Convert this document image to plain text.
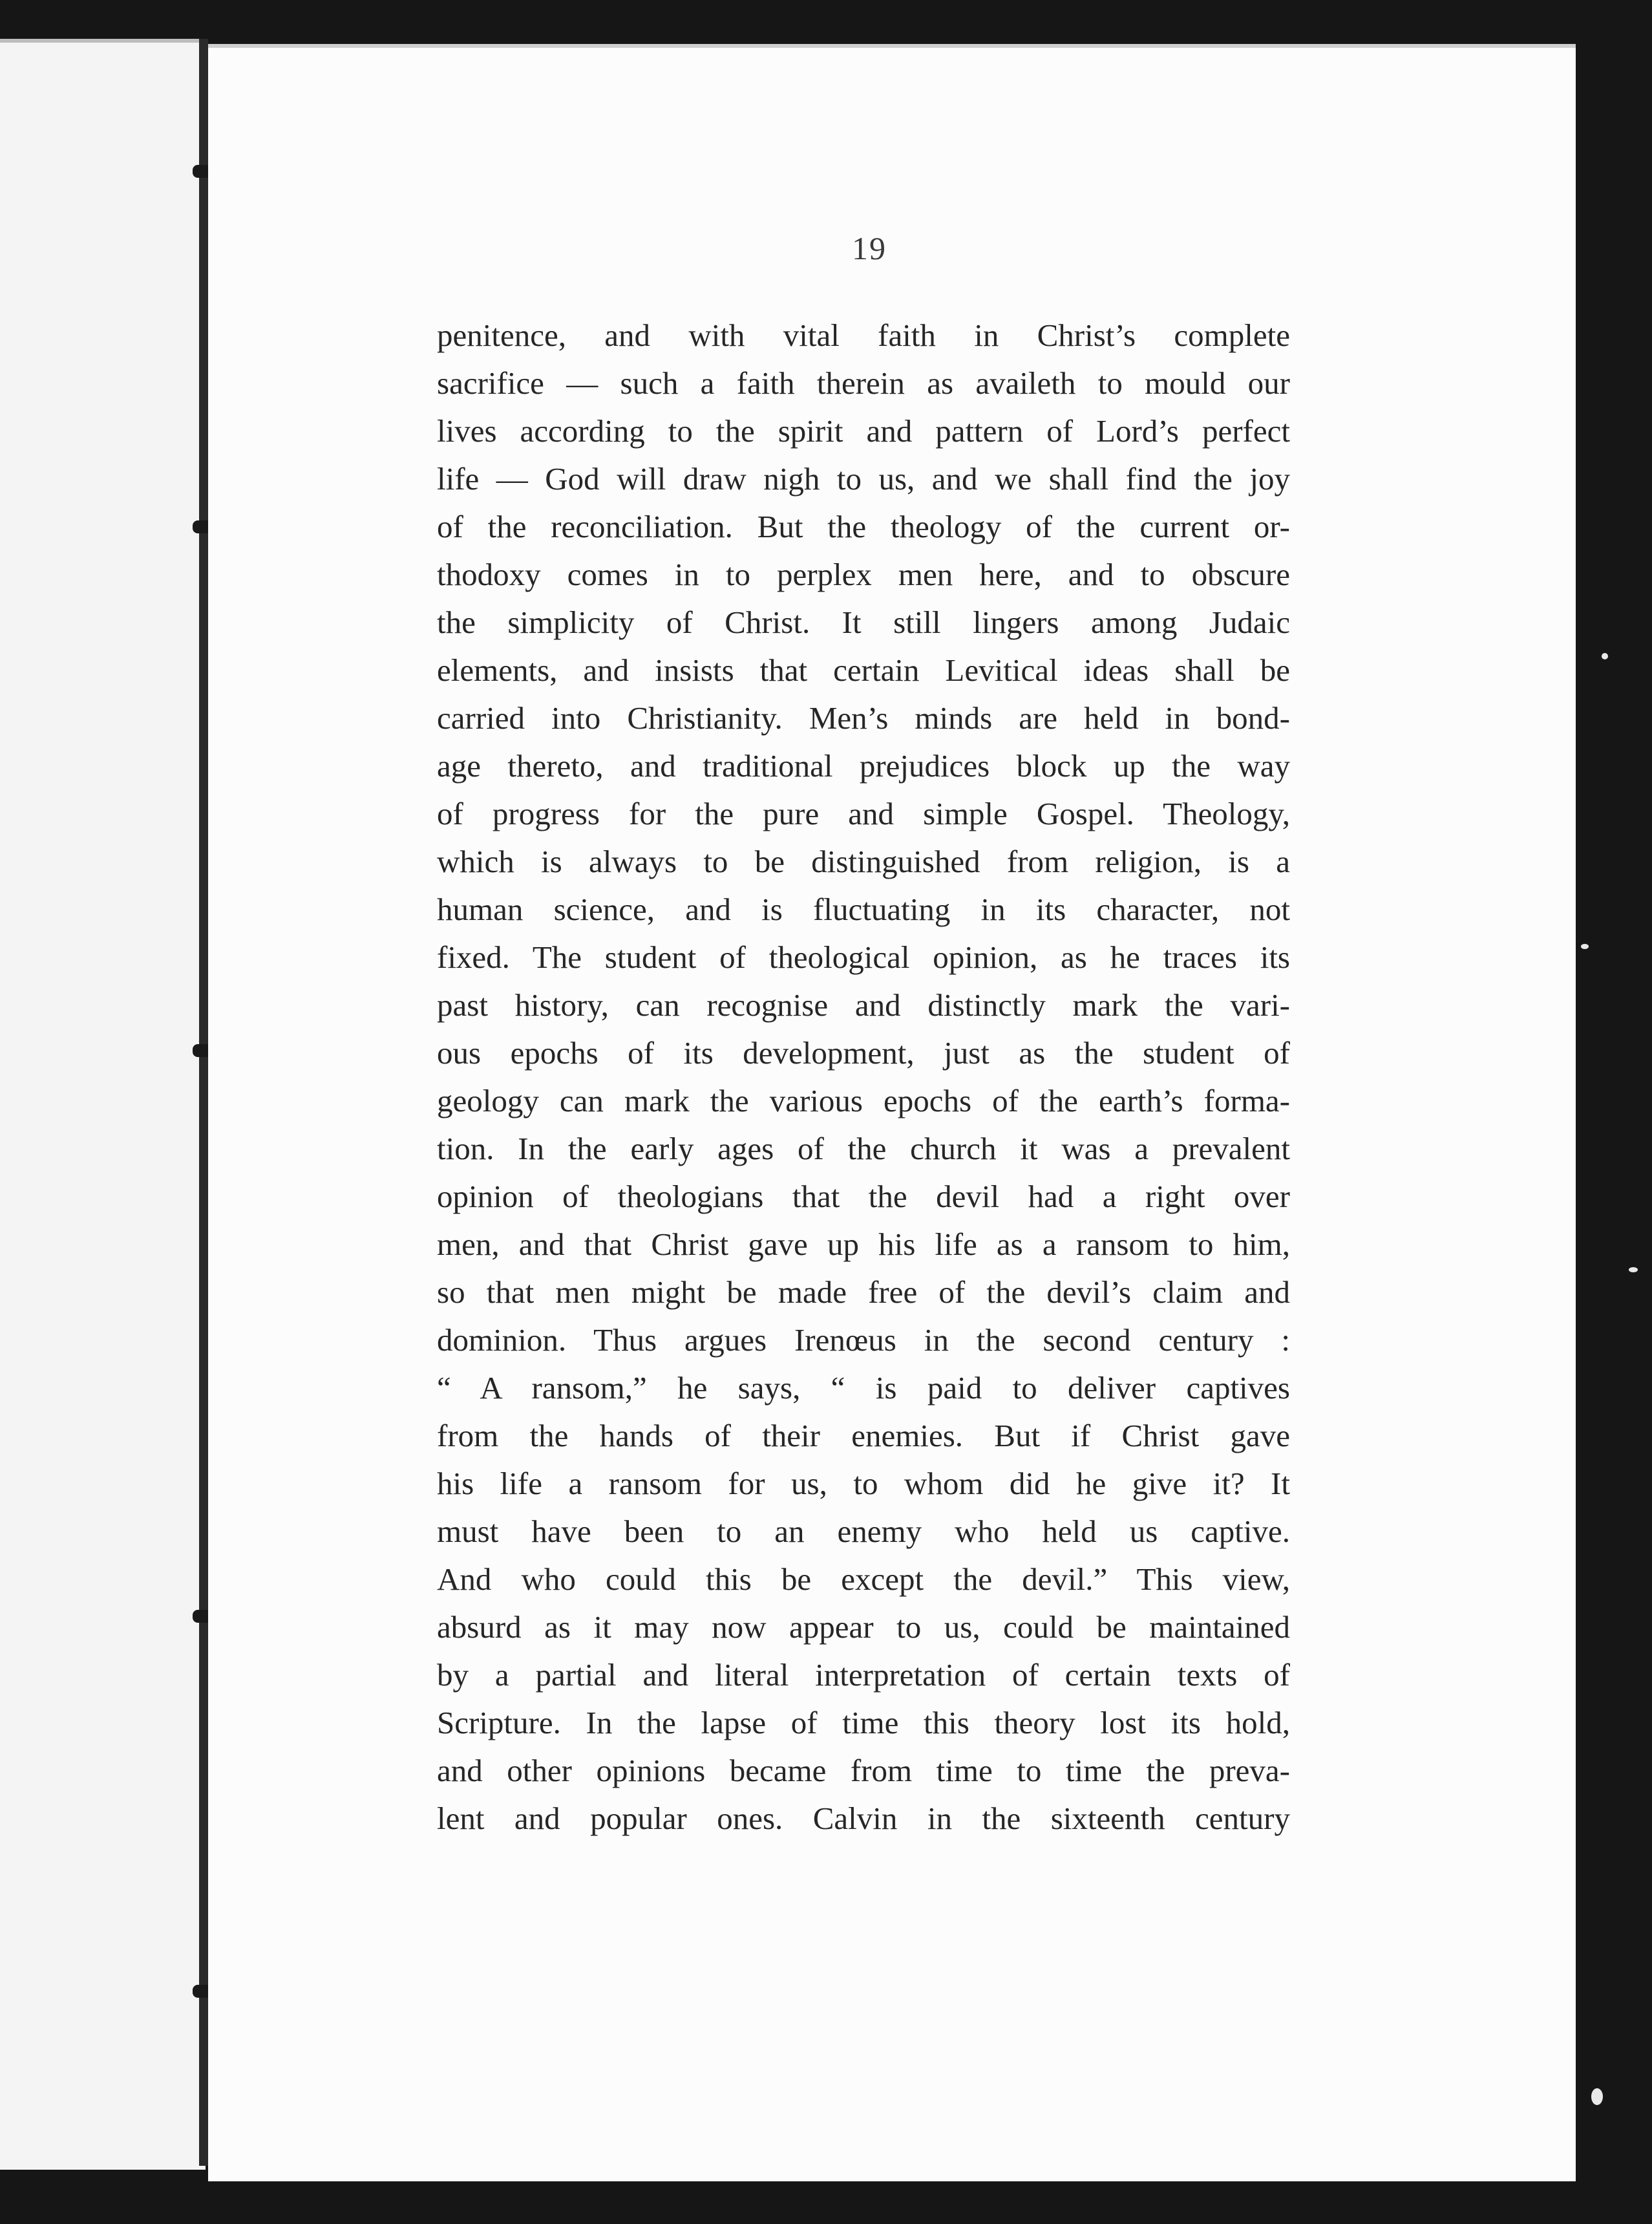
19
penitence, and with vital faith in Christ’s complete
sacrifice — such a faith therein as availeth to mould our
lives according to the spirit and pattern of Lord’s perfect
life — God will draw nigh to us, and we shall find the joy
of the reconciliation. But the theology of the current or-
thodoxy comes in to perplex men here, and to obscure
the simplicity of Christ. It still lingers among Judaic
elements, and insists that certain Levitical ideas shall be
carried into Christianity. Men’s minds are held in bond-
age thereto, and traditional prejudices block up the way
of progress for the pure and simple Gospel. Theology,
which is always to be distinguished from religion, is a
human science, and is fluctuating in its character, not
fixed. The student of theological opinion, as he traces its
past history, can recognise and distinctly mark the vari-
ous epochs of its development, just as the student of
geology can mark the various epochs of the earth’s forma-
tion. In the early ages of the church it was a prevalent
opinion of theologians that the devil had a right over
men, and that Christ gave up his life as a ransom to him,
so that men might be made free of the devil’s claim and
dominion. Thus argues Irenœus in the second century :
“ A ransom,” he says, “ is paid to deliver captives
from the hands of their enemies. But if Christ gave
his life a ransom for us, to whom did he give it? It
must have been to an enemy who held us captive.
And who could this be except the devil.” This view,
absurd as it may now appear to us, could be maintained
by a partial and literal interpretation of certain texts of
Scripture. In the lapse of time this theory lost its hold,
and other opinions became from time to time the preva-
lent and popular ones. Calvin in the sixteenth century
